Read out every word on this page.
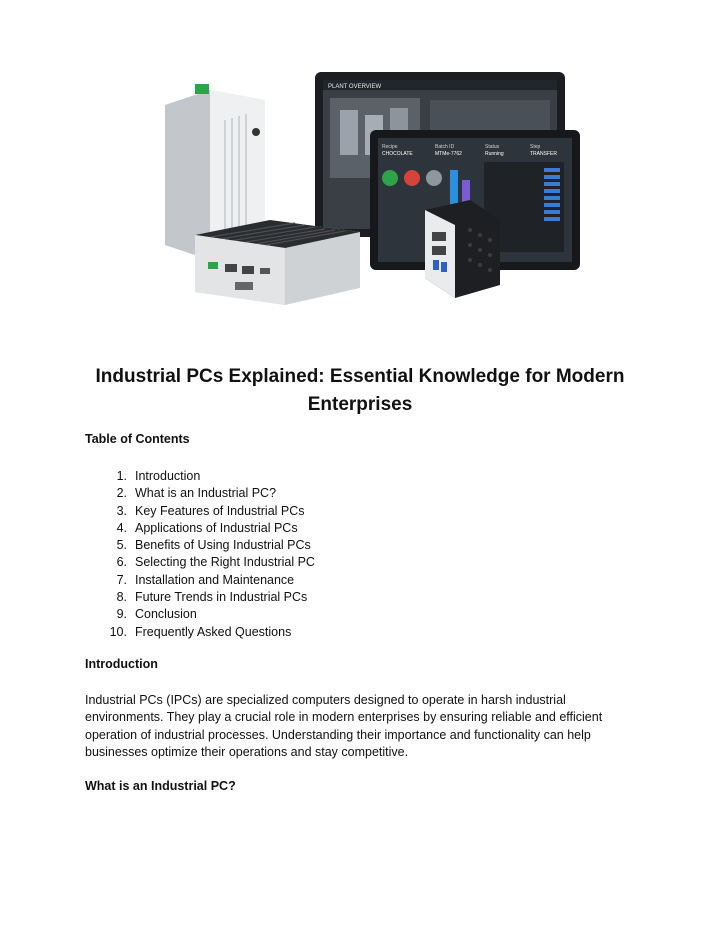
PLANT OVERVIEW
Recipe
CHOCOLATE
Batch ID
MTMe-7762
Status
Running
Step
TRANSFER
Industrial PCs Explained: Essential Knowledge for Modern Enterprises
Table of Contents
1. Introduction
2. What is an Industrial PC?
3. Key Features of Industrial PCs
4. Applications of Industrial PCs
5. Benefits of Using Industrial PCs
6. Selecting the Right Industrial PC
7. Installation and Maintenance
8. Future Trends in Industrial PCs
9. Conclusion
10. Frequently Asked Questions
Introduction
Industrial PCs (IPCs) are specialized computers designed to operate in harsh industrial environments. They play a crucial role in modern enterprises by ensuring reliable and efficient operation of industrial processes. Understanding their importance and functionality can help businesses optimize their operations and stay competitive.
What is an Industrial PC?
